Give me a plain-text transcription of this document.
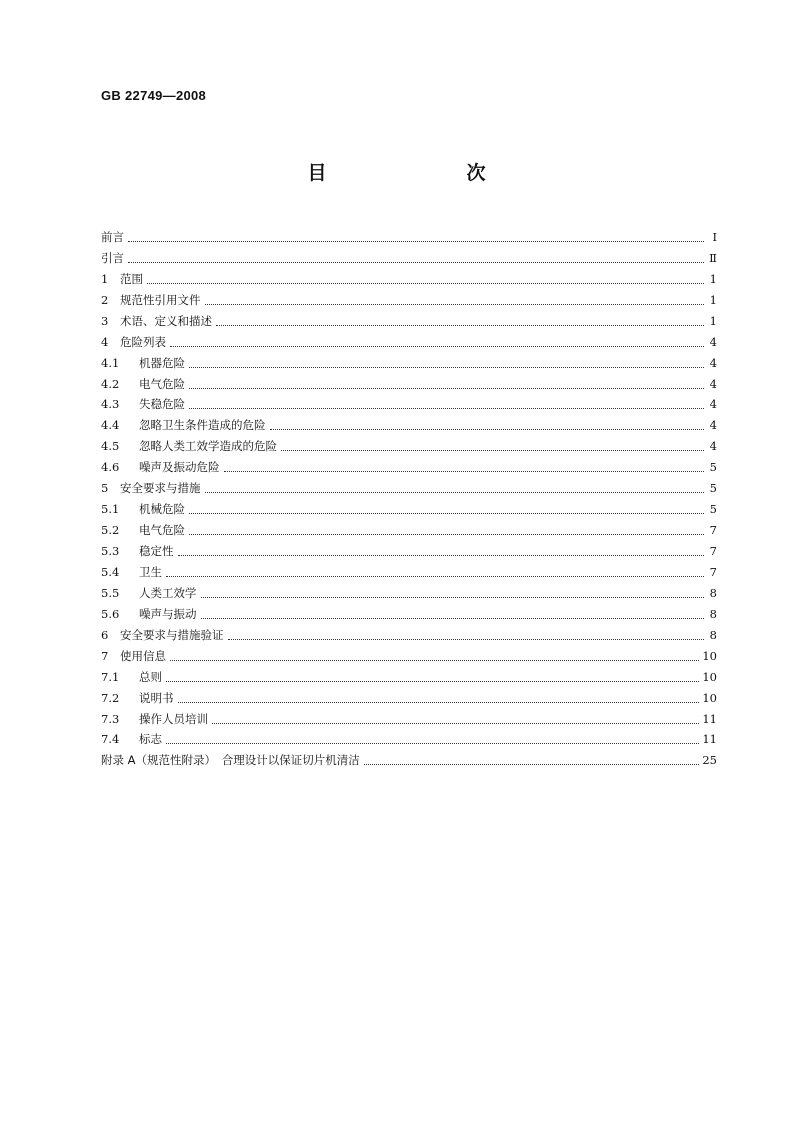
GB 22749—2008
目　　次
前言	Ⅰ
引言	Ⅱ
1 范围	1
2 规范性引用文件	1
3 术语、定义和描述	1
4 危险列表	4
4.1 机器危险	4
4.2 电气危险	4
4.3 失稳危险	4
4.4 忽略卫生条件造成的危险	4
4.5 忽略人类工效学造成的危险	4
4.6 噪声及振动危险	5
5 安全要求与措施	5
5.1 机械危险	5
5.2 电气危险	7
5.3 稳定性	7
5.4 卫生	7
5.5 人类工效学	8
5.6 噪声与振动	8
6 安全要求与措施验证	8
7 使用信息	10
7.1 总则	10
7.2 说明书	10
7.3 操作人员培训	11
7.4 标志	11
附录 A（规范性附录）　合理设计以保证切片机清洁	25
